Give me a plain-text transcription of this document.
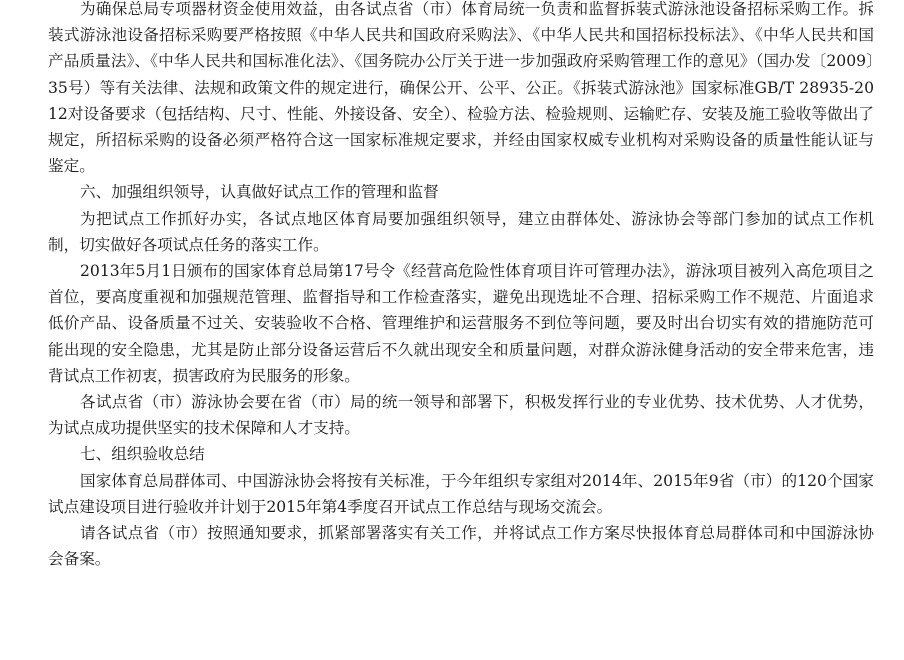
为确保总局专项器材资金使用效益，由各试点省（市）体育局统一负责和监督拆装式游泳池设备招标采购工作。拆装式游泳池设备招标采购要严格按照《中华人民共和国政府采购法》、《中华人民共和国招标投标法》、《中华人民共和国产品质量法》、《中华人民共和国标准化法》、《国务院办公厅关于进一步加强政府采购管理工作的意见》（国办发〔2009〕35号）等有关法律、法规和政策文件的规定进行，确保公开、公平、公正。《拆装式游泳池》国家标准GB/T 28935-2012对设备要求（包括结构、尺寸、性能、外接设备、安全）、检验方法、检验规则、运输贮存、安装及施工验收等做出了规定，所招标采购的设备必须严格符合这一国家标准规定要求，并经由国家权威专业机构对采购设备的质量性能认证与鉴定。

六、加强组织领导，认真做好试点工作的管理和监督

为把试点工作抓好办实，各试点地区体育局要加强组织领导，建立由群体处、游泳协会等部门参加的试点工作机制，切实做好各项试点任务的落实工作。

2013年5月1日颁布的国家体育总局第17号令《经营高危险性体育项目许可管理办法》，游泳项目被列入高危项目之首位，要高度重视和加强规范管理、监督指导和工作检查落实，避免出现选址不合理、招标采购工作不规范、片面追求低价产品、设备质量不过关、安装验收不合格、管理维护和运营服务不到位等问题，要及时出台切实有效的措施防范可能出现的安全隐患，尤其是防止部分设备运营后不久就出现安全和质量问题，对群众游泳健身活动的安全带来危害，违背试点工作初衷，损害政府为民服务的形象。

各试点省（市）游泳协会要在省（市）局的统一领导和部署下，积极发挥行业的专业优势、技术优势、人才优势，为试点成功提供坚实的技术保障和人才支持。

七、组织验收总结

国家体育总局群体司、中国游泳协会将按有关标准，于今年组织专家组对2014年、2015年9省（市）的120个国家试点建设项目进行验收并计划于2015年第4季度召开试点工作总结与现场交流会。

请各试点省（市）按照通知要求，抓紧部署落实有关工作，并将试点工作方案尽快报体育总局群体司和中国游泳协会备案。
